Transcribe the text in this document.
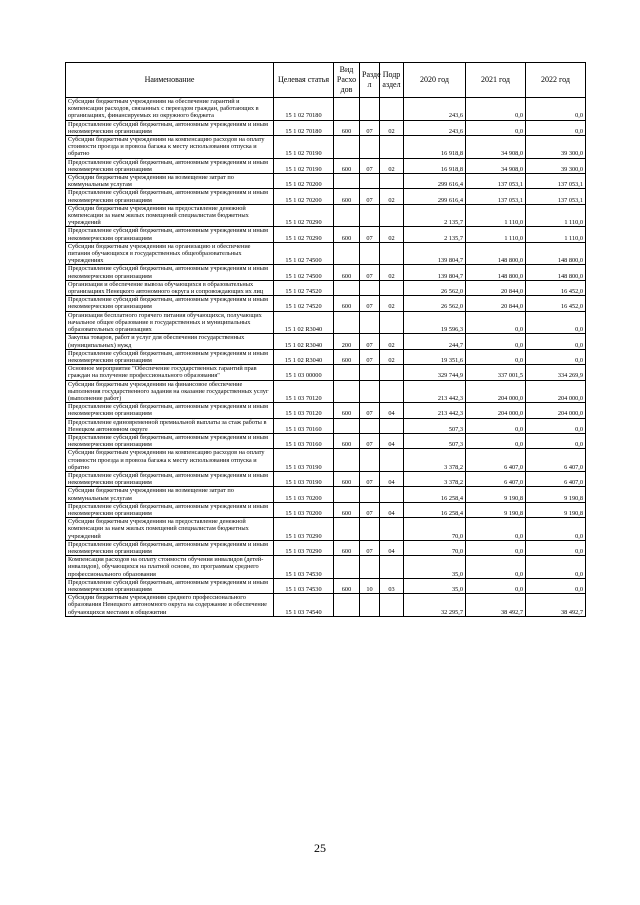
Наименование	Целевая статья	Вид Расхо дов	Разде л	Подр аздел	2020 год	2021 год	2022 год
Субсидии бюджетным учреждениям на обеспечение гарантий и компенсации расходов, связанных с переездом граждан, работающих в организациях, финансируемых из окружного бюджета	15 1 02 70180				243,6	0,0	0,0
Предоставление субсидий бюджетным, автономным учреждениям и иным некоммерческим организациям	15 1 02 70180	600	07	02	243,6	0,0	0,0
Субсидии бюджетным учреждениям на компенсацию расходов на оплату стоимости проезда и провоза багажа к месту использования отпуска и обратно	15 1 02 70190				16 918,8	34 908,0	39 300,0
Предоставление субсидий бюджетным, автономным учреждениям и иным некоммерческим организациям	15 1 02 70190	600	07	02	16 918,8	34 908,0	39 300,0
Субсидии бюджетным учреждениям на возмещение затрат по коммунальным услугам	15 1 02 70200				299 616,4	137 053,1	137 053,1
Предоставление субсидий бюджетным, автономным учреждениям и иным некоммерческим организациям	15 1 02 70200	600	07	02	299 616,4	137 053,1	137 053,1
Субсидии бюджетным учреждениям на предоставление денежной компенсации за наем жилых помещений специалистам бюджетных учреждений	15 1 02 70290				2 135,7	1 110,0	1 110,0
Предоставление субсидий бюджетным, автономным учреждениям и иным некоммерческим организациям	15 1 02 70290	600	07	02	2 135,7	1 110,0	1 110,0
Субсидии бюджетным учреждениям на организацию и обеспечение питания обучающихся в государственных общеобразовательных учреждениях	15 1 02 74500				139 804,7	148 800,0	148 800,0
Предоставление субсидий бюджетным, автономным учреждениям и иным некоммерческим организациям	15 1 02 74500	600	07	02	139 804,7	148 800,0	148 800,0
Организация и обеспечение вывоза обучающихся в образовательных организациях Ненецкого автономного округа и сопровождающих их лиц	15 1 02 74520				26 562,0	20 844,0	16 452,0
Предоставление субсидий бюджетным, автономным учреждениям и иным некоммерческим организациям	15 1 02 74520	600	07	02	26 562,0	20 844,0	16 452,0
Организация бесплатного горячего питания обучающихся, получающих начальное общее образование в государственных и муниципальных образовательных организациях	15 1 02 R3040				19 596,3	0,0	0,0
Закупка товаров, работ и услуг для обеспечения государственных (муниципальных) нужд	15 1 02 R3040	200	07	02	244,7	0,0	0,0
Предоставление субсидий бюджетным, автономным учреждениям и иным некоммерческим организациям	15 1 02 R3040	600	07	02	19 351,6	0,0	0,0
Основное мероприятие "Обеспечение государственных гарантий прав граждан на получение профессионального образования"	15 1 03 00000				329 744,9	337 001,5	334 269,9
Субсидии бюджетным учреждениям на финансовое обеспечение выполнения государственного задания на оказание государственных услуг (выполнение работ)	15 1 03 70120				213 442,3	204 000,0	204 000,0
Предоставление субсидий бюджетным, автономным учреждениям и иным некоммерческим организациям	15 1 03 70120	600	07	04	213 442,3	204 000,0	204 000,0
Предоставление единовременной премиальной выплаты за стаж работы в Ненецком автономном округе	15 1 03 70160				507,3	0,0	0,0
Предоставление субсидий бюджетным, автономным учреждениям и иным некоммерческим организациям	15 1 03 70160	600	07	04	507,3	0,0	0,0
Субсидии бюджетным учреждениям на компенсацию расходов на оплату стоимости проезда и провоза багажа к месту использования отпуска и обратно	15 1 03 70190				3 378,2	6 407,0	6 407,0
Предоставление субсидий бюджетным, автономным учреждениям и иным некоммерческим организациям	15 1 03 70190	600	07	04	3 378,2	6 407,0	6 407,0
Субсидии бюджетным учреждениям на возмещение затрат по коммунальным услугам	15 1 03 70200				16 258,4	9 190,8	9 190,8
Предоставление субсидий бюджетным, автономным учреждениям и иным некоммерческим организациям	15 1 03 70200	600	07	04	16 258,4	9 190,8	9 190,8
Субсидии бюджетным учреждениям на предоставление денежной компенсации за наем жилых помещений специалистам бюджетных учреждений	15 1 03 70290				70,0	0,0	0,0
Предоставление субсидий бюджетным, автономным учреждениям и иным некоммерческим организациям	15 1 03 70290	600	07	04	70,0	0,0	0,0
Компенсация расходов на оплату стоимости обучения инвалидов (детей-инвалидов), обучающихся на платной основе, по программам среднего профессионального образования	15 1 03 74530				35,0	0,0	0,0
Предоставление субсидий бюджетным, автономным учреждениям и иным некоммерческим организациям	15 1 03 74530	600	10	03	35,0	0,0	0,0
Субсидии бюджетным учреждениям среднего профессионального образования Ненецкого автономного округа на содержание и обеспечение обучающихся местами в общежитии	15 1 03 74540				32 295,7	38 492,7	38 492,7
25
